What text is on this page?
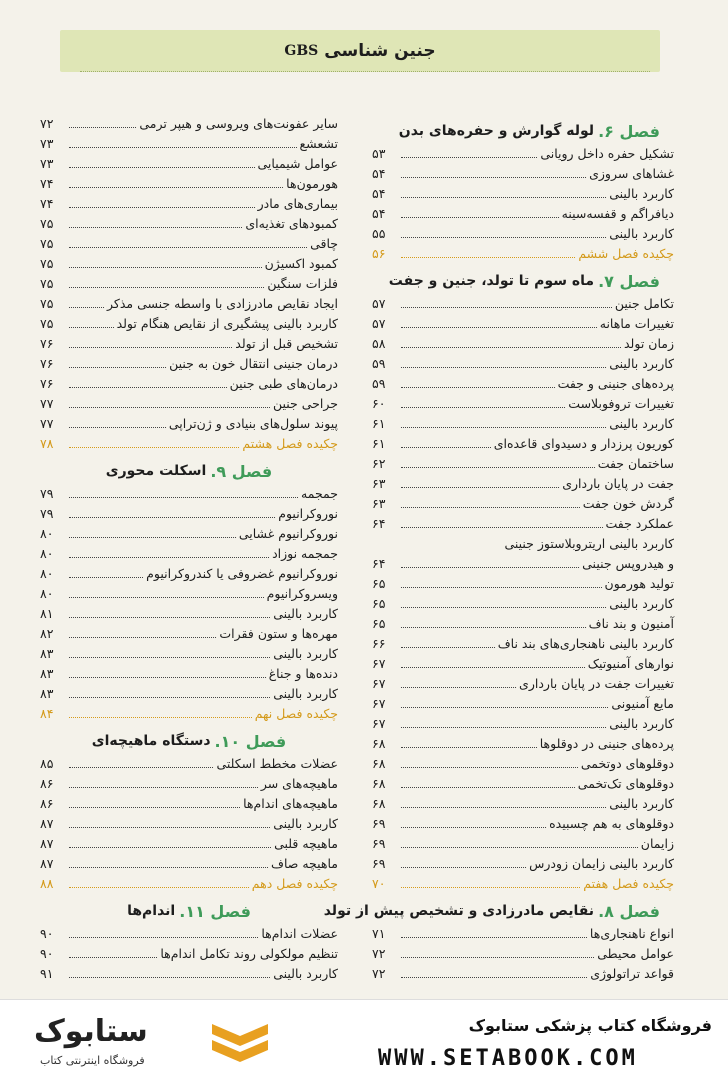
جنین شناسی
GBS
فصل ۶.
لوله گوارش و حفره‌های بدن
تشکیل حفره داخل رویانی
۵۳
غشاهای سروزی
۵۴
کاربرد بالینی
۵۴
دیافراگم و قفسه‌سینه
۵۴
کاربرد بالینی
۵۵
چکیده فصل ششم
۵۶
فصل ۷.
ماه سوم تا تولد، جنین و جفت
تکامل جنین
۵۷
تغییرات ماهانه
۵۷
زمان تولد
۵۸
کاربرد بالینی
۵۹
پرده‌های جنینی و جفت
۵۹
تغییرات تروفوبلاست
۶۰
کاربرد بالینی
۶۱
کوریون پرزدار و دسیدوای قاعده‌ای
۶۱
ساختمان جفت
۶۲
جفت در پایان بارداری
۶۳
گردش خون جفت
۶۳
عملکرد جفت
۶۴
کاربرد بالینی اریتروبلاستوز جنینی
و هیدروپس جنینی
۶۴
تولید هورمون
۶۵
کاربرد بالینی
۶۵
آمنیون و بند ناف
۶۵
کاربرد بالینی ناهنجاری‌های بند ناف
۶۶
نوارهای آمنیوتیک
۶۷
تغییرات جفت در پایان بارداری
۶۷
مایع آمنیونی
۶۷
کاربرد بالینی
۶۷
پرده‌های جنینی در دوقلوها
۶۸
دوقلوهای دوتخمی
۶۸
دوقلوهای تک‌تخمی
۶۸
کاربرد بالینی
۶۸
دوقلوهای به هم چسبیده
۶۹
زایمان
۶۹
کاربرد بالینی زایمان زودرس
۶۹
چکیده فصل هفتم
۷۰
فصل ۸.
نقایص مادرزادی و تشخیص پیش از تولد
انواع ناهنجاری‌ها
۷۱
عوامل محیطی
۷۲
قواعد تراتولوژی
۷۲
سایر عفونت‌های ویروسی و هیپر ترمی
۷۲
تشعشع
۷۳
عوامل شیمیایی
۷۳
هورمون‌ها
۷۴
بیماری‌های مادر
۷۴
کمبودهای تغذیه‌ای
۷۵
چاقی
۷۵
کمبود اکسیژن
۷۵
فلزات سنگین
۷۵
ایجاد نقایص مادرزادی با واسطه جنسی مذکر
۷۵
کاربرد بالینی پیشگیری از نقایص هنگام تولد
۷۵
تشخیص قبل از تولد
۷۶
درمان جنینی انتقال خون به جنین
۷۶
درمان‌های طبی جنین
۷۶
جراحی جنین
۷۷
پیوند سلول‌های بنیادی و ژن‌تراپی
۷۷
چکیده فصل هشتم
۷۸
فصل ۹.
اسکلت محوری
جمجمه
۷۹
نوروکرانیوم
۷۹
نوروکرانیوم غشایی
۸۰
جمجمه نوزاد
۸۰
نوروکرانیوم غضروفی یا کندروکرانیوم
۸۰
ویسروکرانیوم
۸۰
کاربرد بالینی
۸۱
مهره‌ها و ستون فقرات
۸۲
کاربرد بالینی
۸۳
دنده‌ها و جناغ
۸۳
کاربرد بالینی
۸۳
چکیده فصل نهم
۸۴
فصل ۱۰.
دستگاه ماهیچه‌ای
عضلات مخطط اسکلتی
۸۵
ماهیچه‌های سر
۸۶
ماهیچه‌های اندام‌ها
۸۶
کاربرد بالینی
۸۷
ماهیچه قلبی
۸۷
ماهیچه صاف
۸۷
چکیده فصل دهم
۸۸
فصل ۱۱.
اندام‌ها
عضلات اندام‌ها
۹۰
تنظیم مولکولی روند تکامل اندام‌ها
۹۰
کاربرد بالینی
۹۱
فروشگاه کتاب پزشکی ستابوک
WWW.SETABOOK.COM
ستابوک
فروشگاه اینترنتی کتاب
